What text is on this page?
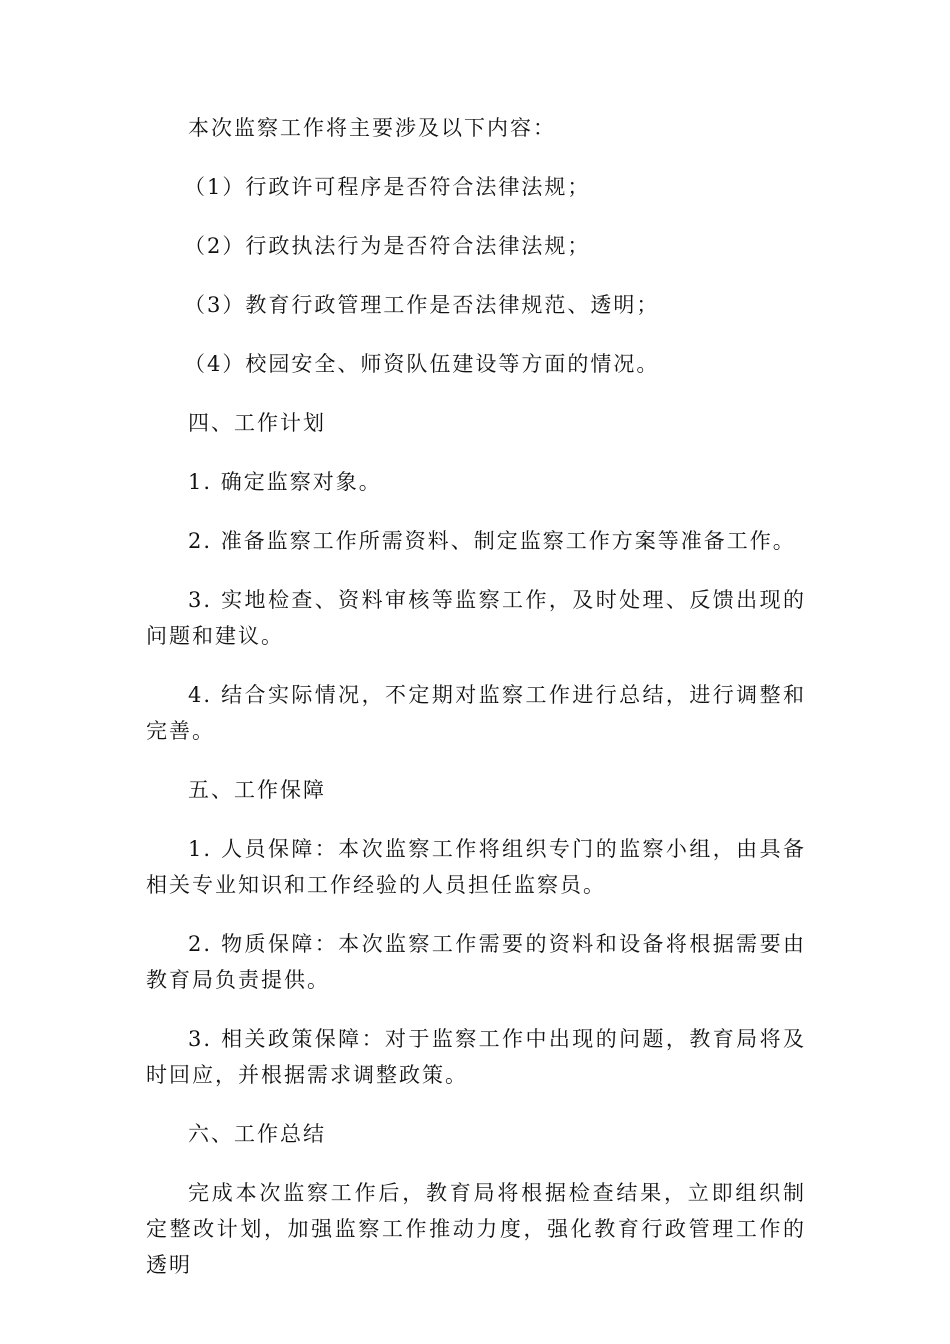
本次监察工作将主要涉及以下内容：

（1）行政许可程序是否符合法律法规；

（2）行政执法行为是否符合法律法规；

（3）教育行政管理工作是否法律规范、透明；

（4）校园安全、师资队伍建设等方面的情况。

四、工作计划

1. 确定监察对象。

2. 准备监察工作所需资料、制定监察工作方案等准备工作。

3. 实地检查、资料审核等监察工作，及时处理、反馈出现的问题和建议。

4. 结合实际情况，不定期对监察工作进行总结，进行调整和完善。

五、工作保障

1. 人员保障：本次监察工作将组织专门的监察小组，由具备相关专业知识和工作经验的人员担任监察员。

2. 物质保障：本次监察工作需要的资料和设备将根据需要由教育局负责提供。

3. 相关政策保障：对于监察工作中出现的问题，教育局将及时回应，并根据需求调整政策。

六、工作总结

完成本次监察工作后，教育局将根据检查结果，立即组织制定整改计划，加强监察工作推动力度，强化教育行政管理工作的透明
